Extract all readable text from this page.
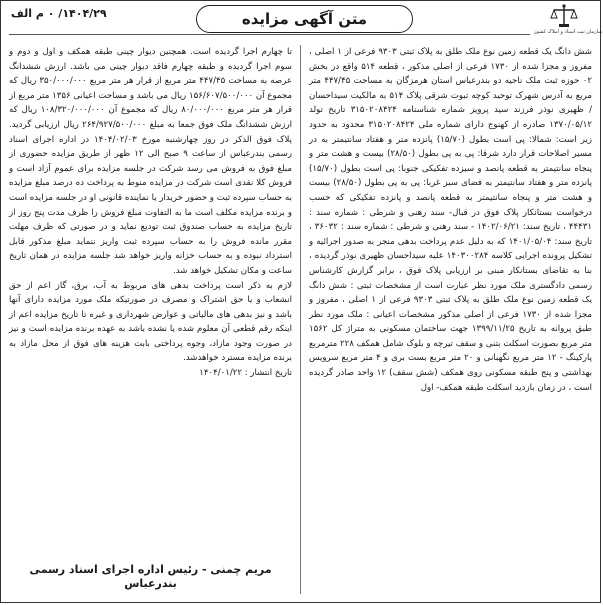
سازمان ثبت اسناد و املاک کشور
متن آگهی مزایده
۱۴۰۴/۲۹/ ۰ م الف

شش دانگ یک قطعه زمین نوع ملک طلق به پلاک ثبتی ۹۳۰۳ فرعی از ۱ اصلی ، مفروز و مجزا شده از ۱۷۳۰ فرعی از اصلی مذکور ، قطعه ۵۱۴ واقع در بخش ۰۲ حوزه ثبت ملک ناحیه دو بندرعباس استان هرمزگان به مساحت ۴۴۷/۴۵ متر مربع به آدرس شهرک توحید کوچه تبوت شرقی پلاک ۵۱۴ به مالکیت سیداحسان / ظهیری نوذر فرزند سید پرویز شماره شناسنامه ۳۱۵۰۲۰۸۴۲۴ تاریخ تولد ۱۳۷۰/۰۵/۱۲ صادره از کهنوج دارای شماره ملی ۳۱۵۰۲۰۸۴۲۴ محدود به حدود زیر است: شمالا: پی است بطول (۱۵/۷۰) پانزده متر و هفتاد سانتیمتر به در مسیر اصلاحات قرار دارد شرقا: پی به پی بطول (۲۸/۵۰) بیست و هشت متر و پنجاه سانتیمتر به قطعه پانصد و سیزده تفکیکی جنوبا: پی است بطول (۱۵/۷۰) پانزده متر و هفتاد سانتیمتر به فضای سبز غربا: پی به پی بطول (۲۸/۵۰) بیست و هشت متر و پنجاه سانتیمتر به قطعه پانصد و پانزده تفکیکی که حسب درخواست بستانکار پلاک فوق در قبال- سند رهنی و شرطی : شماره سند : ۴۴۴۳۱ ، تاریخ سند: ۱۴۰۲/۰۶/۲۱ - سند رهنی و شرطی : شماره سند : ۳۶۰۳۲ ، تاریخ سند: ۱۴۰۱/۰۵/۰۴ که به دلیل عدم پرداخت بدهی منجر به صدور اجرائیه و تشکیل پرونده اجرایی کلاسه ۱۴۰۳۰۰۲۸۴ علیه سیداحسان ظهیری نوذر گردیده ، بنا به تقاضای بستانکار مبنی بر ارزیابی پلاک فوق ، برابر گزارش کارشناس رسمی دادگستری ملک مورد نظر عبارت است از مشخصات ثبتی : شش دانگ یک قطعه زمین نوع ملک طلق به پلاک ثبتی ۹۳۰۳ فرعی از ۱ اصلی ، مفروز و مجزا شده از ۱۷۳۰ فرعی از اصلی مذکور مشخصات اعیانی : ملک مورد نظر طبق پروانه به تاریخ ۱۳۹۹/۱۱/۲۵ جهت ساختمان مسکونی به متراژ کل ۱۵۶۲ متر مربع بصورت اسکلت بتنی و سقف تیرچه و بلوک شامل همکف ۲۲۸ مترمربع پارکینگ - ۱۲ متر مربع نگهبانی و ۲۰ متر مربع بست بری و ۴ متر مربع سرویس بهداشتی و پنج طبقه مسکونی روی همکف (شش سقف) ۱۲ واحد صادر گردیده است ، در زمان بازدید اسکلت طبقه همکف- اول

تا چهارم اجرا گردیده است. همچنین دیوار چینی طبقه همکف و اول و دوم و سوم اجرا گردیده و طبقه چهارم فاقد دیوار چینی می باشد. ارزش ششدانگ عرصه به مساحت ۴۴۷/۴۵ متر مربع از قرار هر متر مربع ۳۵۰/۰۰۰/۰۰۰ ریال که مجموع آن ۱۵۶/۶۰۷/۵۰۰/۰۰۰ ریال می باشد و مساحت اعیانی ۱۳۵۶ متر مربع از قرار هر متر مربع ۸۰/۰۰۰/۰۰۰ ریال که مجموع آن ۱۰۸/۳۲۰/۰۰۰/۰۰۰ ریال که ارزش ششدانگ ملک فوق جمعا به مبلغ ۲۶۴/۹۲۷/۵۰۰/۰۰۰ ریال ارزیابی گردید. پلاک فوق الذکر در روز چهارشنبه مورخ ۱۴۰۴/۰۲/۰۳ در اداره اجرای اسناد رسمی بندرعباس از ساعت ۹ صبح الی ۱۲ ظهر از طریق مزایده حضوری از مبلغ فوق به فروش می رسد شرکت در جلسه مزایده برای عموم آزاد است و فروش کلا نقدی است شرکت در مزایده منوط به پرداخت ده درصد مبلغ مزایده به حساب سپرده ثبت و حضور خریدار یا نماینده قانونی او در جلسه مزایده است و برنده مزایده مکلف است ما به التفاوت مبلغ فروش را ظرف مدت پنج روز از تاریخ مزایده به حساب صندوق ثبت تودیع نماید و در صورتی که ظرف مهلت مقرر مانده فروش را به حساب سپرده ثبت واریز ننماید مبلغ مذکور قابل استرداد نبوده و به حساب خزانه واریز خواهد شد جلسه مزایده در همان تاریخ ساعت و مکان تشکیل خواهد شد.

لازم به ذکر است پرداخت بدهی های مربوط به آب، برق، گاز اعم از حق انشعاب و یا حق اشتراک و مصرف در صورتیکه ملک مورد مزایده دارای آنها باشد و نیز بدهی های مالیاتی و عوارض شهرداری و غیره تا تاریخ مزایده اعم از اینکه رقم قطعی آن معلوم شده یا نشده باشد به عهده برنده مزایده است و نیز در صورت وجود مازاد، وجوه پرداختی بابت هزینه های فوق از محل مازاد به برنده مزایده مسترد خواهدشد.

تاریخ انتشار : ۱۴۰۴/۰۱/۲۲

مریم چمنی - رئیس اداره اجرای اسناد رسمی بندرعباس
